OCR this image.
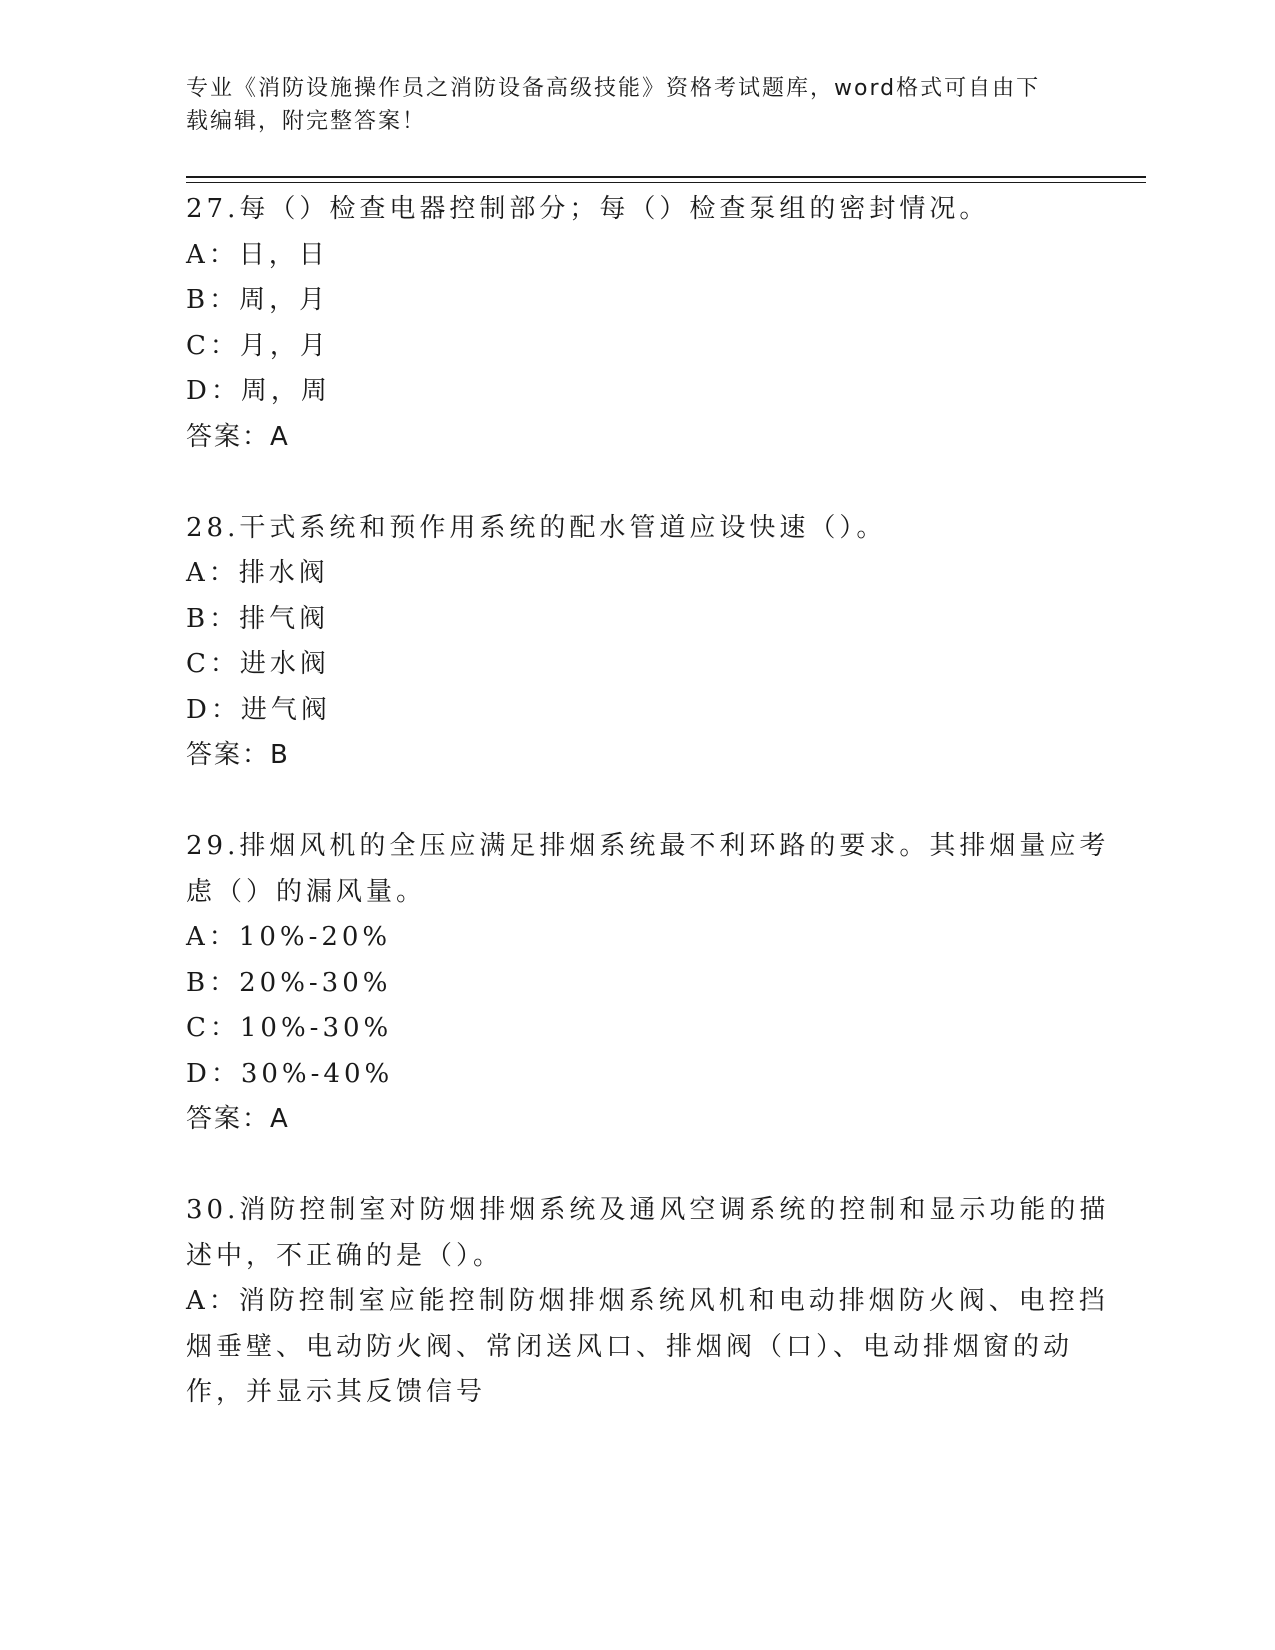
专业《消防设施操作员之消防设备高级技能》资格考试题库，word格式可自由下
载编辑，附完整答案！
27.每（）检查电器控制部分；每（）检查泵组的密封情况。
A：日，日
B：周，月
C：月，月
D：周，周
答案：A
28.干式系统和预作用系统的配水管道应设快速（）。
A：排水阀
B：排气阀
C：进水阀
D：进气阀
答案：B
29.排烟风机的全压应满足排烟系统最不利环路的要求。其排烟量应考
虑（）的漏风量。
A：10%-20%
B：20%-30%
C：10%-30%
D：30%-40%
答案：A
30.消防控制室对防烟排烟系统及通风空调系统的控制和显示功能的描
述中，不正确的是（）。
A：消防控制室应能控制防烟排烟系统风机和电动排烟防火阀、电控挡
烟垂壁、电动防火阀、常闭送风口、排烟阀（口）、电动排烟窗的动
作，并显示其反馈信号
